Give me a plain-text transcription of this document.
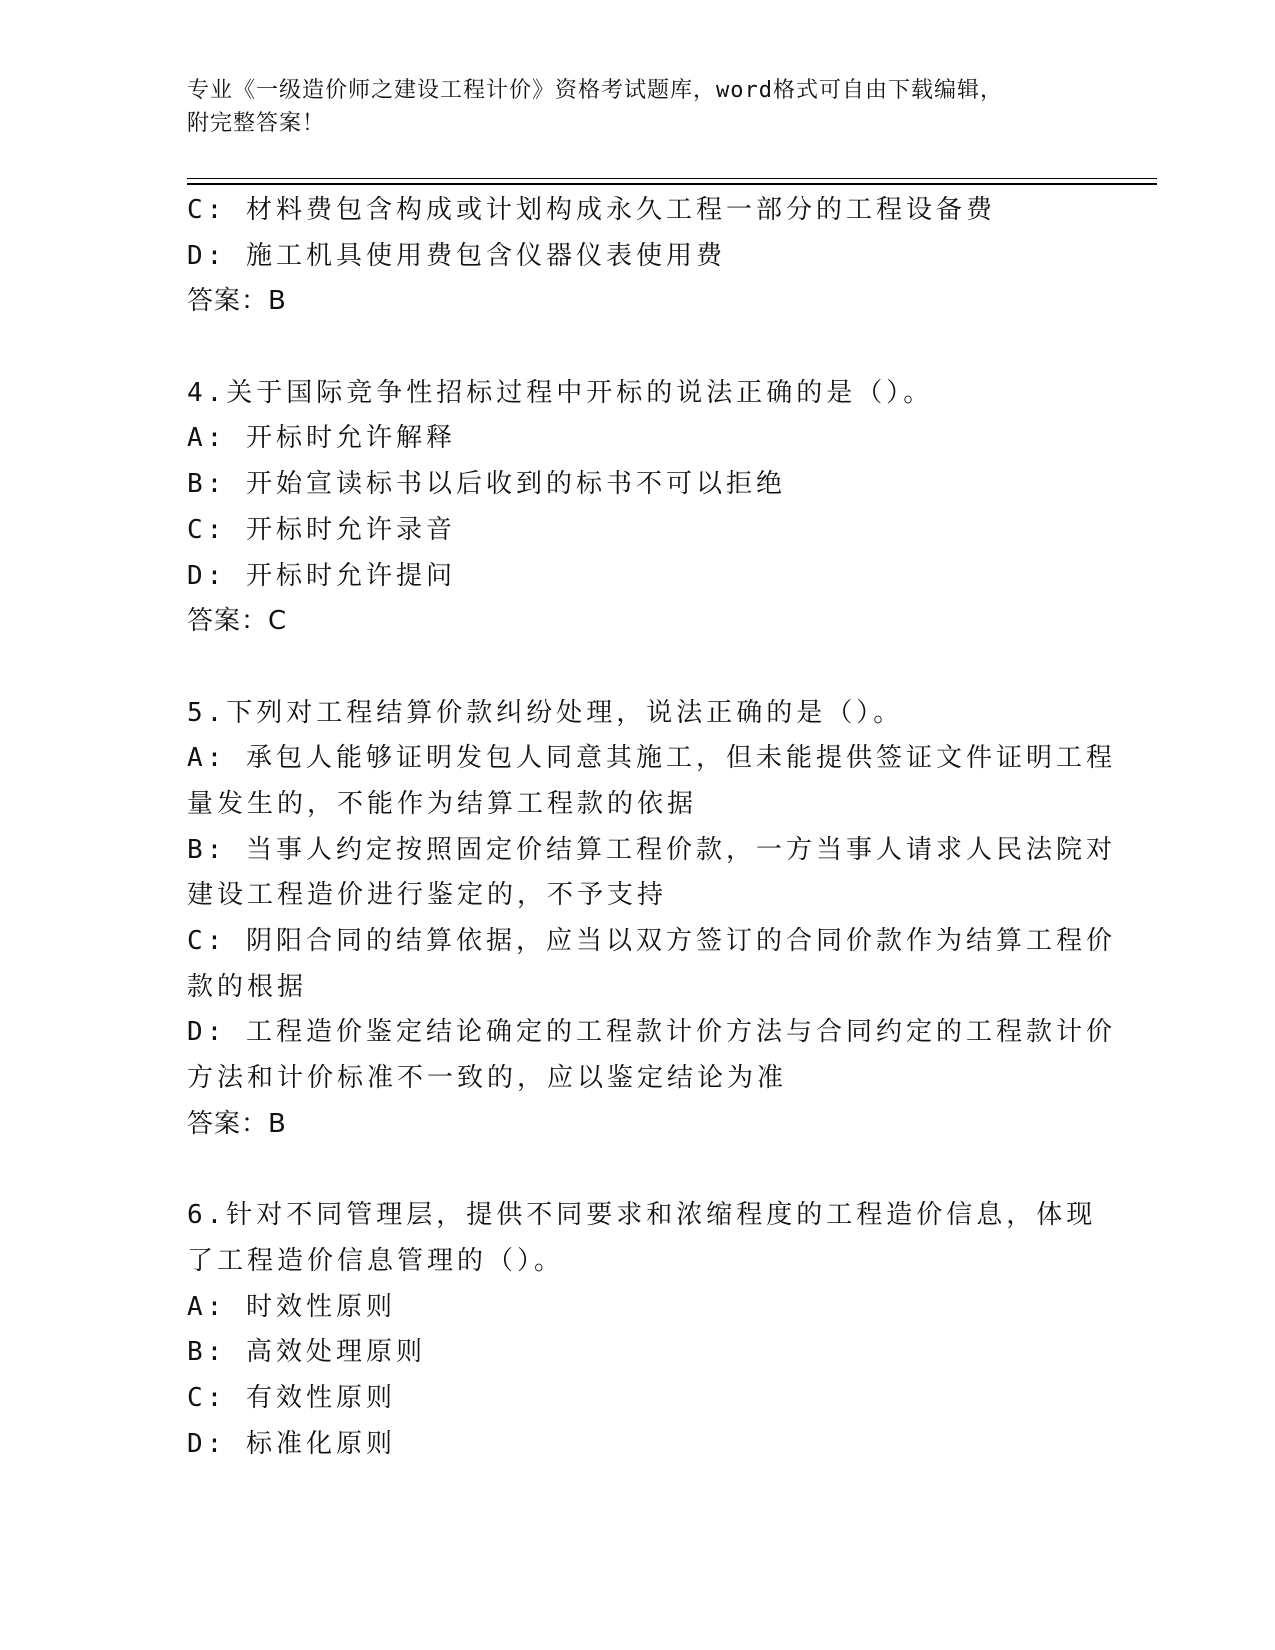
专业《一级造价师之建设工程计价》资格考试题库，word格式可自由下载编辑，
附完整答案！
C: 材料费包含构成或计划构成永久工程一部分的工程设备费
D: 施工机具使用费包含仪器仪表使用费
答案：B
4.关于国际竞争性招标过程中开标的说法正确的是（）。
A: 开标时允许解释
B: 开始宣读标书以后收到的标书不可以拒绝
C: 开标时允许录音
D: 开标时允许提问
答案：C
5.下列对工程结算价款纠纷处理，说法正确的是（）。
A: 承包人能够证明发包人同意其施工，但未能提供签证文件证明工程
量发生的，不能作为结算工程款的依据
B: 当事人约定按照固定价结算工程价款，一方当事人请求人民法院对
建设工程造价进行鉴定的，不予支持
C: 阴阳合同的结算依据，应当以双方签订的合同价款作为结算工程价
款的根据
D: 工程造价鉴定结论确定的工程款计价方法与合同约定的工程款计价
方法和计价标准不一致的，应以鉴定结论为准
答案：B
6.针对不同管理层，提供不同要求和浓缩程度的工程造价信息，体现
了工程造价信息管理的（）。
A: 时效性原则
B: 高效处理原则
C: 有效性原则
D: 标准化原则
